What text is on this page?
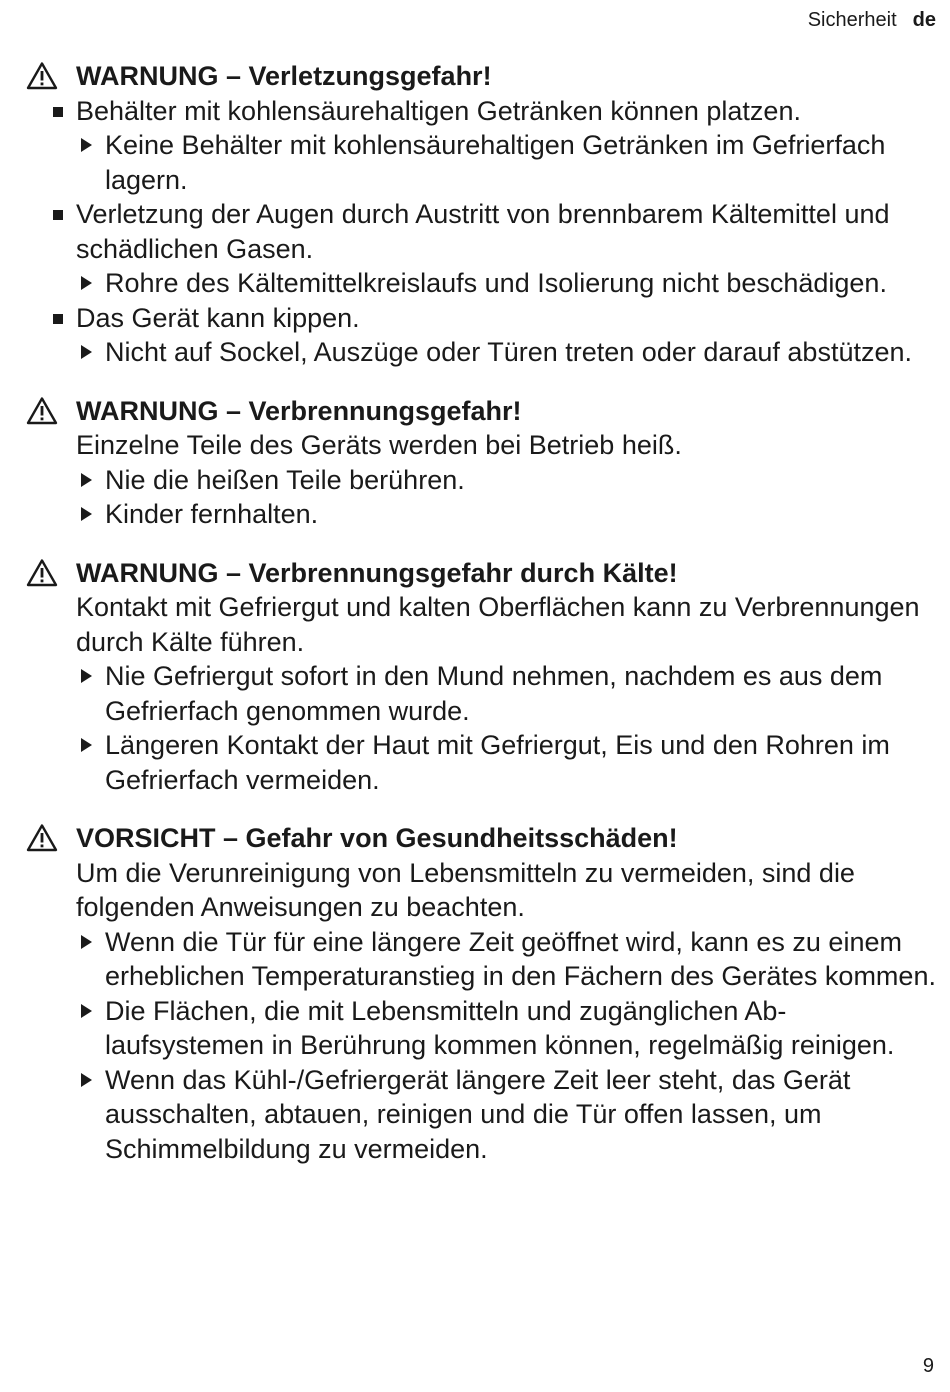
Sicherheit de
WARNUNG – Verletzungsgefahr!
Behälter mit kohlensäurehaltigen Getränken können platzen.
Keine Behälter mit kohlensäurehaltigen Getränken im Gefrierfach lagern.
Verletzung der Augen durch Austritt von brennbarem Kältemittel und schädlichen Gasen.
Rohre des Kältemittelkreislaufs und Isolierung nicht beschädigen.
Das Gerät kann kippen.
Nicht auf Sockel, Auszüge oder Türen treten oder darauf abstützen.
WARNUNG – Verbrennungsgefahr!
Einzelne Teile des Geräts werden bei Betrieb heiß.
Nie die heißen Teile berühren.
Kinder fernhalten.
WARNUNG – Verbrennungsgefahr durch Kälte!
Kontakt mit Gefriergut und kalten Oberflächen kann zu Verbrennungen durch Kälte führen.
Nie Gefriergut sofort in den Mund nehmen, nachdem es aus dem Gefrierfach genommen wurde.
Längeren Kontakt der Haut mit Gefriergut, Eis und den Rohren im Gefrierfach vermeiden.
VORSICHT – Gefahr von Gesundheitsschäden!
Um die Verunreinigung von Lebensmitteln zu vermeiden, sind die folgenden Anweisungen zu beachten.
Wenn die Tür für eine längere Zeit geöffnet wird, kann es zu einem erheblichen Temperaturanstieg in den Fächern des Gerätes kommen.
Die Flächen, die mit Lebensmitteln und zugänglichen Ablaufsystemen in Berührung kommen können, regelmäßig reinigen.
Wenn das Kühl-/Gefriergerät längere Zeit leer steht, das Gerät ausschalten, abtauen, reinigen und die Tür offen lassen, um Schimmelbildung zu vermeiden.
9
